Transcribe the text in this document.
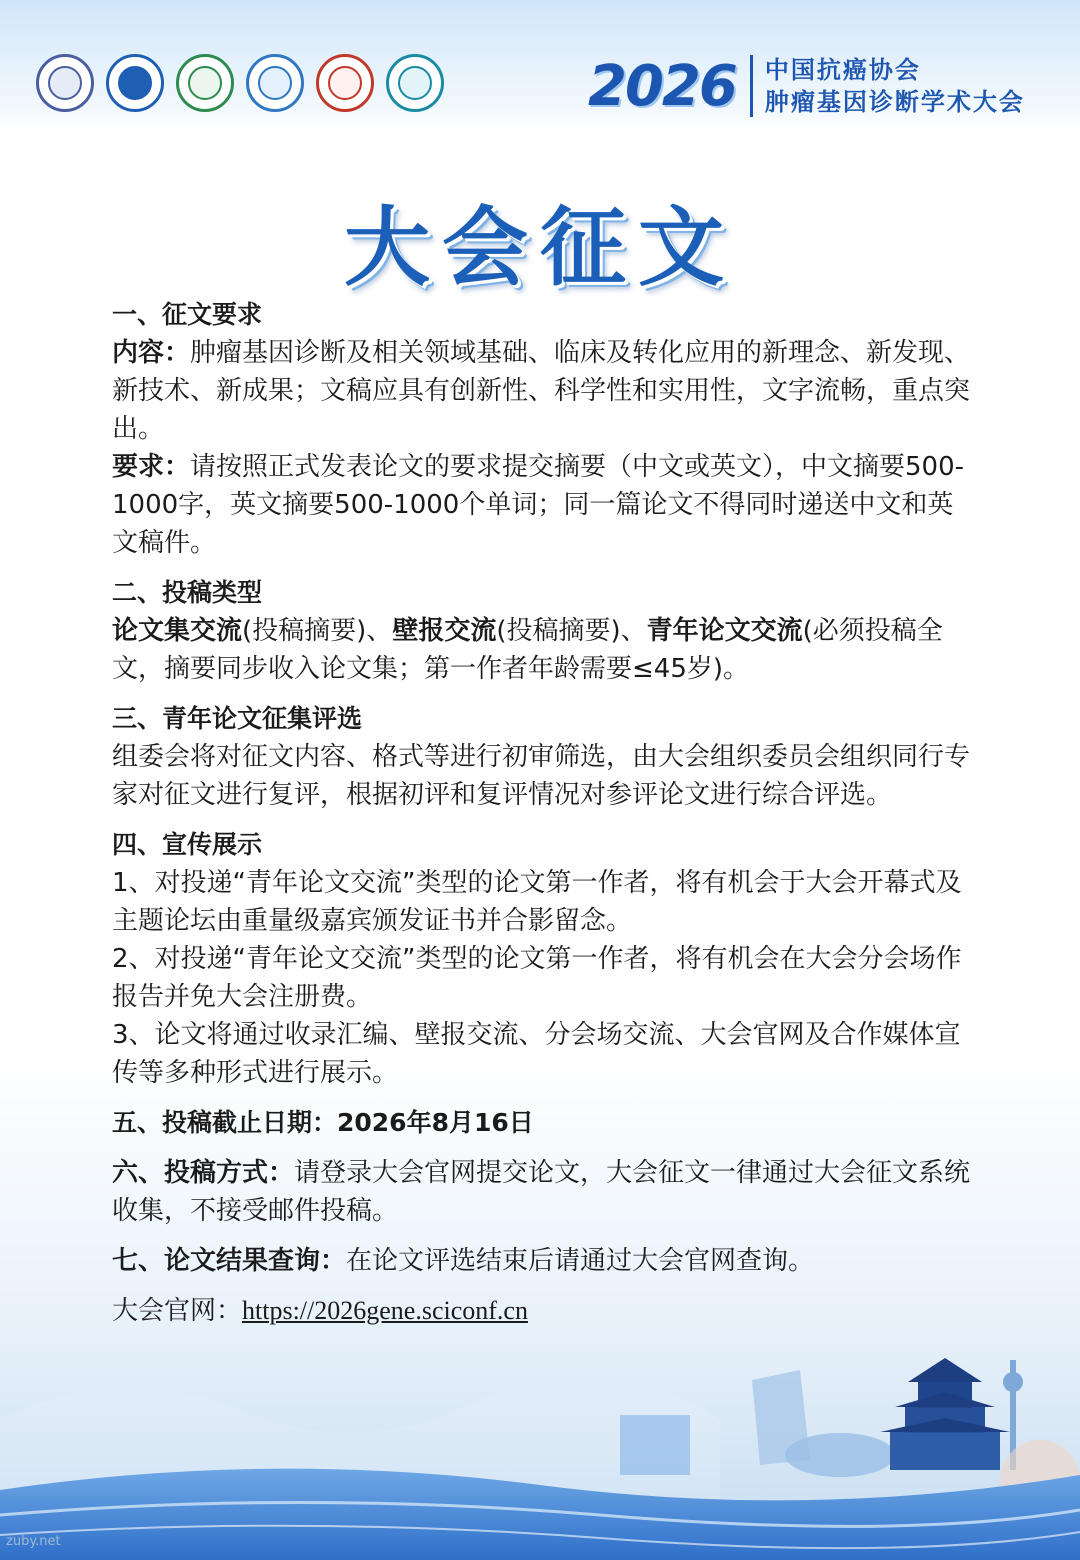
2026 中国抗癌协会
肿瘤基因诊断学术大会
大会征文

一、征文要求

内容：肿瘤基因诊断及相关领域基础、临床及转化应用的新理念、新发现、新技术、新成果；文稿应具有创新性、科学性和实用性，文字流畅，重点突出。

要求：请按照正式发表论文的要求提交摘要（中文或英文），中文摘要500-1000字，英文摘要500-1000个单词；同一篇论文不得同时递送中文和英文稿件。

二、投稿类型

论文集交流(投稿摘要)、壁报交流(投稿摘要)、青年论文交流(必须投稿全文，摘要同步收入论文集；第一作者年龄需要≤45岁)。

三、青年论文征集评选

组委会将对征文内容、格式等进行初审筛选，由大会组织委员会组织同行专家对征文进行复评，根据初评和复评情况对参评论文进行综合评选。

四、宣传展示

1、对投递“青年论文交流”类型的论文第一作者，将有机会于大会开幕式及主题论坛由重量级嘉宾颁发证书并合影留念。

2、对投递“青年论文交流”类型的论文第一作者，将有机会在大会分会场作报告并免大会注册费。

3、论文将通过收录汇编、壁报交流、分会场交流、大会官网及合作媒体宣传等多种形式进行展示。

五、投稿截止日期：2026年8月16日

六、投稿方式：请登录大会官网提交论文，大会征文一律通过大会征文系统收集，不接受邮件投稿。

七、论文结果查询：在论文评选结束后请通过大会官网查询。

大会官网：https://2026gene.sciconf.cn

zuby.net
